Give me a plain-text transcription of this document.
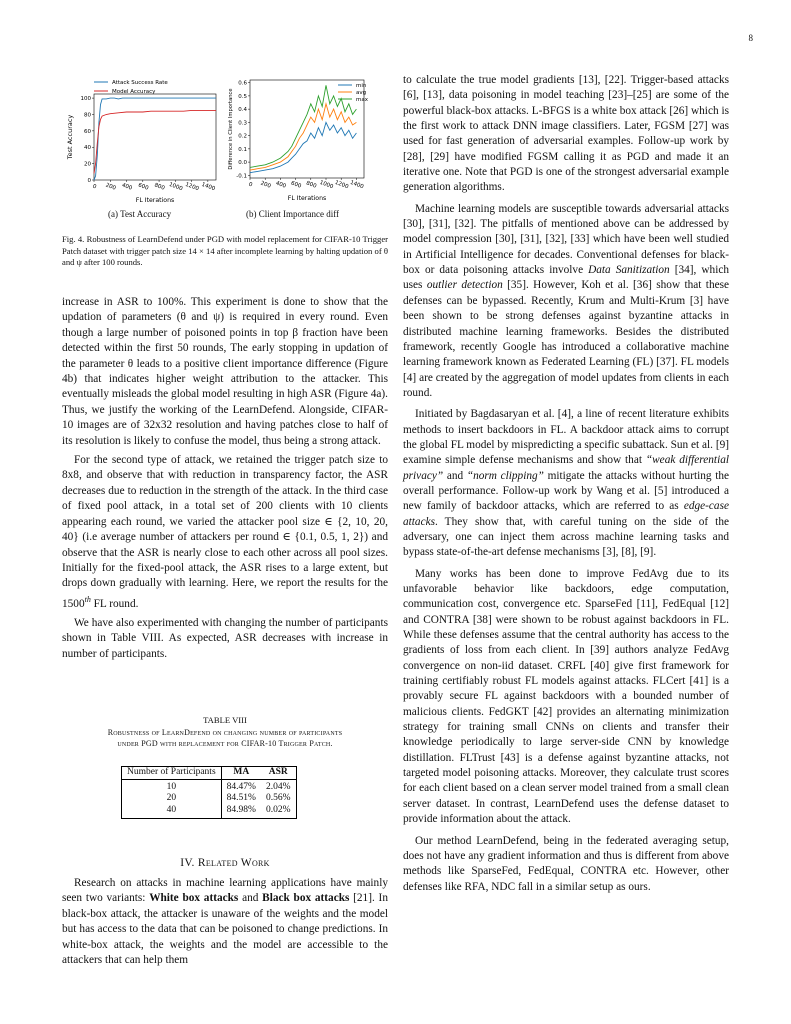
8
100
80
60
40
20
0
0 200 400 600 800 1000 1200 1400
FL Iterations
Test Accuracy
Attack Success Rate
Model Accuracy
0.6
0.5
0.4
0.3
0.2
0.1
0.0
-0.1
0 200 400 600 800 1000 1200 1400
FL Iterations
Difference in Client Importance
min
avg
max
(a) Test Accuracy	(b) Client Importance diff
Fig. 4. Robustness of LearnDefend under PGD with model replacement for CIFAR-10 Trigger Patch dataset with trigger patch size 14 × 14 after incomplete learning by halting updation of θ and ψ after 100 rounds.

increase in ASR to 100%. This experiment is done to show that the updation of parameters (θ and ψ) is required in every round. Even though a large number of poisoned points in top β fraction have been detected within the first 50 rounds, The early stopping in updation of the parameter θ leads to a positive client importance difference (Figure 4b) that indicates higher weight attribution to the attacker. This eventually misleads the global model resulting in high ASR (Figure 4a). Thus, we justify the working of the LearnDefend. Alongside, CIFAR-10 images are of 32x32 resolution and having patches close to half of its resolution is likely to confuse the model, thus being a strong attack.

For the second type of attack, we retained the trigger patch size to 8x8, and observe that with reduction in transparency factor, the ASR decreases due to reduction in the strength of the attack. In the third case of fixed pool attack, in a total set of 200 clients with 10 clients appearing each round, we varied the attacker pool size ∈ {2, 10, 20, 40} (i.e average number of attackers per round ∈ {0.1, 0.5, 1, 2}) and observe that the ASR is nearly close to each other across all pool sizes. Initially for the fixed-pool attack, the ASR rises to a large extent, but drops down gradually with learning. Here, we report the results for the 1500th FL round.

We have also experimented with changing the number of participants shown in Table VIII. As expected, ASR decreases with increase in number of participants.

TABLE VIII
Robustness of LearnDefend on changing number of participants
under PGD with replacement for CIFAR-10 Trigger Patch.
Number of Participants	MA	ASR
10	84.47%	2.04%
20	84.51%	0.56%
40	84.98%	0.02%
IV. Related Work

Research on attacks in machine learning applications have mainly seen two variants: White box attacks and Black box attacks [21]. In black-box attack, the attacker is unaware of the weights and the model but has access to the data that can be poisoned to change predictions. In white-box attack, the weights and the model are accessible to the attackers that can help them

to calculate the true model gradients [13], [22]. Trigger-based attacks [6], [13], data poisoning in model teaching [23]–[25] are some of the powerful black-box attacks. L-BFGS is a white box attack [26] which is the first work to attack DNN image classifiers. Later, FGSM [27] was used for fast generation of adversarial examples. Follow-up work by [28], [29] have modified FGSM calling it as PGD and made it an iterative one. Note that PGD is one of the strongest adversarial example generation algorithms.

Machine learning models are susceptible towards adversarial attacks [30], [31], [32]. The pitfalls of mentioned above can be addressed by model compression [30], [31], [32], [33] which have been well studied in Artificial Intelligence for decades. Conventional defenses for black-box or data poisoning attacks involve Data Sanitization [34], which uses outlier detection [35]. However, Koh et al. [36] show that these defenses can be bypassed. Recently, Krum and Multi-Krum [3] have been shown to be strong defenses against byzantine attacks in distributed machine learning frameworks. Besides the distributed framework, recently Google has introduced a collaborative machine learning framework known as Federated Learning (FL) [37]. FL models [4] are created by the aggregation of model updates from clients in each round.

Initiated by Bagdasaryan et al. [4], a line of recent literature exhibits methods to insert backdoors in FL. A backdoor attack aims to corrupt the global FL model by mispredicting a specific subattack. Sun et al. [9] examine simple defense mechanisms and show that “weak differential privacy” and “norm clipping” mitigate the attacks without hurting the overall performance. Follow-up work by Wang et al. [5] introduced a new family of backdoor attacks, which are referred to as edge-case attacks. They show that, with careful tuning on the side of the adversary, one can inject them across machine learning tasks and bypass state-of-the-art defense mechanisms [3], [8], [9].

Many works has been done to improve FedAvg due to its unfavorable behavior like backdoors, edge computation, communication cost, convergence etc. SparseFed [11], FedEqual [12] and CONTRA [38] were shown to be robust against backdoors in FL. While these defenses assume that the central authority has access to the gradients of loss from each client. In [39] authors analyze FedAvg convergence on non-iid dataset. CRFL [40] give first framework for training certifiably robust FL models against attacks. FLCert [41] is a provably secure FL against backdoors with a bounded number of malicious clients. FedGKT [42] provides an alternating minimization strategy for training small CNNs on clients and transfer their knowledge periodically to large server-side CNN by knowledge distillation. FLTrust [43] is a defense against byzantine attacks, not targeted model poisoning attacks. Moreover, they calculate trust scores for each client based on a clean server model trained from a small clean server dataset. In contrast, LearnDefend uses the defense dataset to provide information about the attack.

Our method LearnDefend, being in the federated averaging setup, does not have any gradient information and thus is different from above methods like SparseFed, FedEqual, CONTRA etc. However, other defenses like RFA, NDC fall in a similar setup as ours.
